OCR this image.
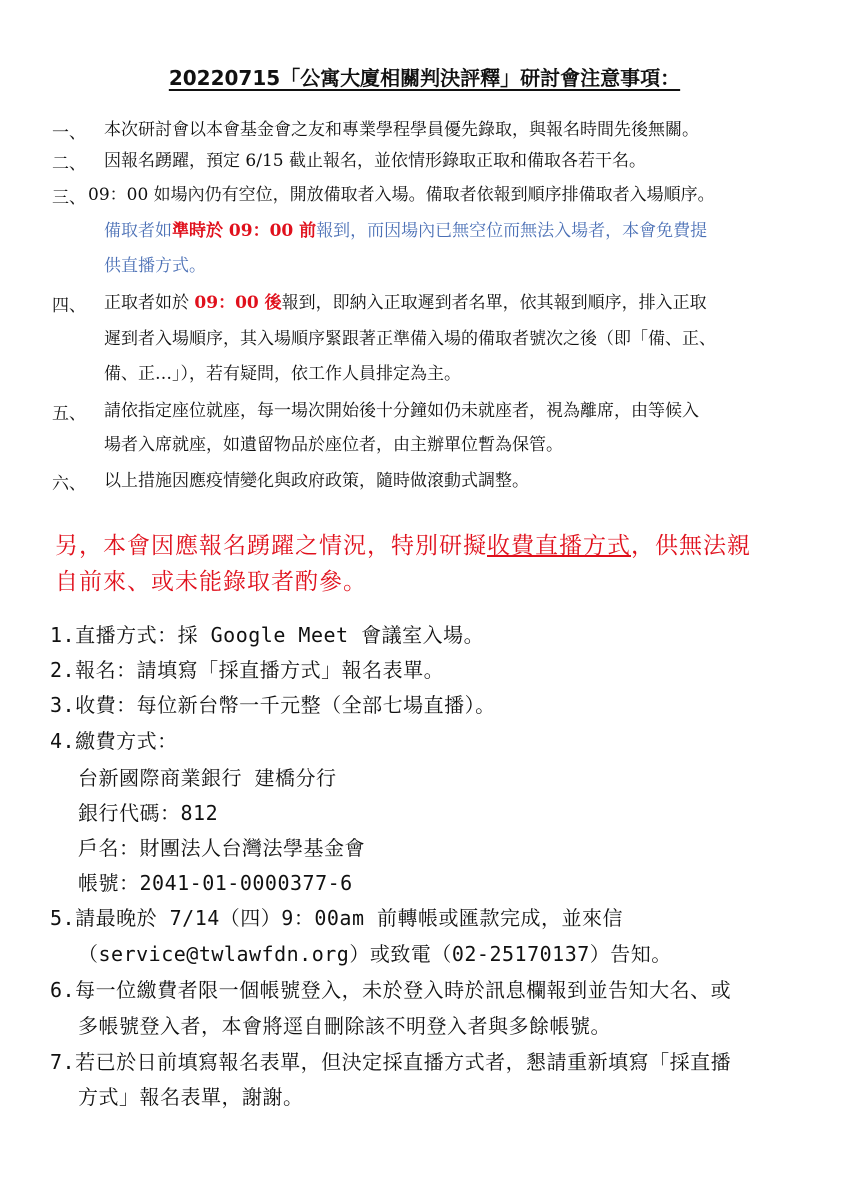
20220715「公寓大廈相關判決評釋」研討會注意事項：
一、 本次研討會以本會基金會之友和專業學程學員優先錄取，與報名時間先後無關。
二、 因報名踴躍，預定 6/15 截止報名，並依情形錄取正取和備取各若干名。
三、 09：00 如場內仍有空位，開放備取者入場。備取者依報到順序排備取者入場順序。
備取者如準時於 09：00 前報到，而因場內已無空位而無法入場者，本會免費提
供直播方式。
四、 正取者如於 09：00 後報到，即納入正取遲到者名單，依其報到順序，排入正取
遲到者入場順序，其入場順序緊跟著正準備入場的備取者號次之後（即「備、正、
備、正…」），若有疑問，依工作人員排定為主。
五、 請依指定座位就座，每一場次開始後十分鐘如仍未就座者，視為離席，由等候入
場者入席就座，如遺留物品於座位者，由主辦單位暫為保管。
六、 以上措施因應疫情變化與政府政策，隨時做滾動式調整。
另，本會因應報名踴躍之情況，特別研擬收費直播方式，供無法親
自前來、或未能錄取者酌參。
1.直播方式：採 Google Meet 會議室入場。
2.報名：請填寫「採直播方式」報名表單。
3.收費：每位新台幣一千元整（全部七場直播）。
4.繳費方式：
台新國際商業銀行 建橋分行
銀行代碼：812
戶名：財團法人台灣法學基金會
帳號：2041-01-0000377-6
5.請最晚於 7/14（四）9：00am 前轉帳或匯款完成，並來信
（service@twlawfdn.org）或致電（02-25170137）告知。
6.每一位繳費者限一個帳號登入，未於登入時於訊息欄報到並告知大名、或
多帳號登入者，本會將逕自刪除該不明登入者與多餘帳號。
7.若已於日前填寫報名表單，但決定採直播方式者，懇請重新填寫「採直播
方式」報名表單，謝謝。
